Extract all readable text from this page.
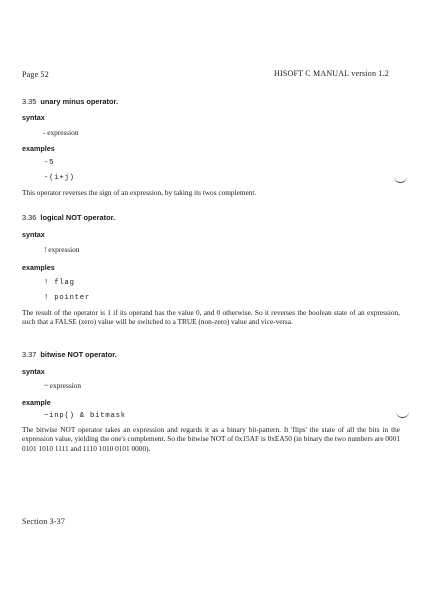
Page 52	HISOFT C MANUAL version 1.2
3.35 unary minus operator.
syntax
- expression
examples
-5
-(i+j)

This operator reverses the sign of an expression, by taking its twos complement.

3.36 logical NOT operator.
syntax
! expression
examples
! flag
! pointer

The result of the operator is 1 if its operand has the value 0, and 0 otherwise. So it reverses the boolean state of an expression, such that a FALSE (zero) value will be switched to a TRUE (non-zero) value and vice-versa.

3.37 bitwise NOT operator.
syntax
~ expression
example
~inp() & bitmask

The bitwise NOT operator takes an expression and regards it as a binary bit-pattern. It 'flips' the state of all the bits in the expression value, yielding the one's complement. So the bitwise NOT of 0x15AF is 0xEA50 (in binary the two numbers are 0001 0101 1010 1111 and 1110 1010 0101 0000).

Section 3-37
